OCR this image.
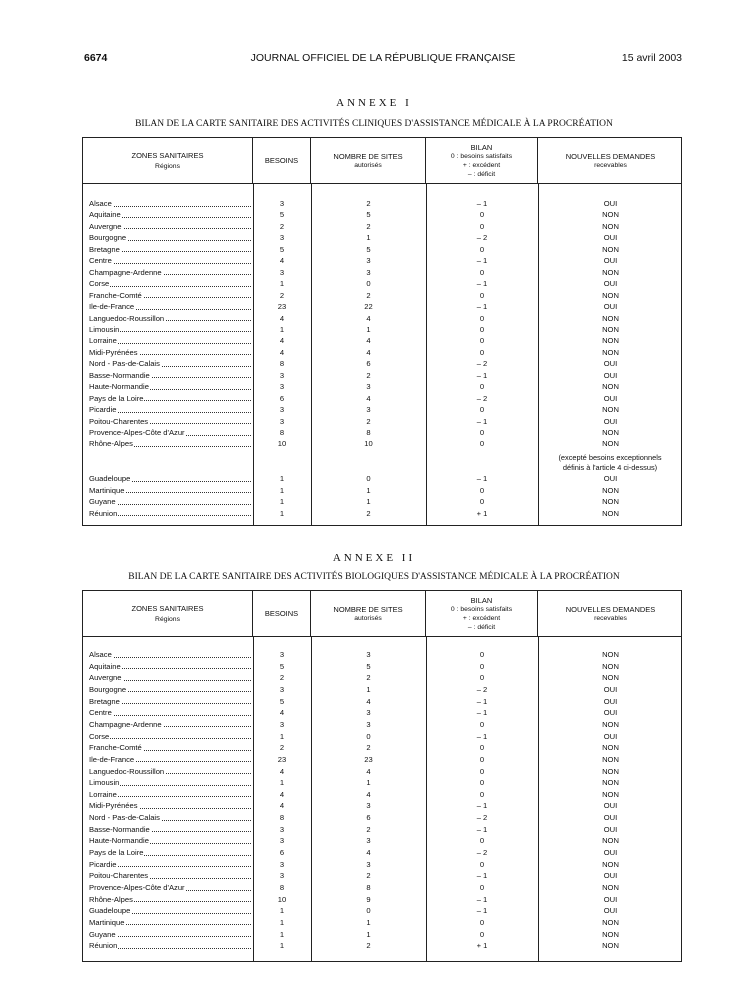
6674	JOURNAL OFFICIEL DE LA RÉPUBLIQUE FRANÇAISE	15 avril 2003
ANNEXE I
BILAN DE LA CARTE SANITAIRE DES ACTIVITÉS CLINIQUES D'ASSISTANCE MÉDICALE À LA PROCRÉATION
ZONES SANITAIRES
Régions
BESOINS	NOMBRE DE SITES
autorisés
BILAN
0 : besoins satisfaits
+ : excédent
– : déficit
NOUVELLES DEMANDES
recevables
Alsace	3	2	– 1	OUI
Aquitaine	5	5	0	NON
Auvergne	2	2	0	NON
Bourgogne	3	1	– 2	OUI
Bretagne	5	5	0	NON
Centre	4	3	– 1	OUI
Champagne-Ardenne	3	3	0	NON
Corse	1	0	– 1	OUI
Franche-Comté	2	2	0	NON
Ile-de-France	23	22	– 1	OUI
Languedoc-Roussillon	4	4	0	NON
Limousin	1	1	0	NON
Lorraine	4	4	0	NON
Midi-Pyrénées	4	4	0	NON
Nord - Pas-de-Calais	8	6	– 2	OUI
Basse-Normandie	3	2	– 1	OUI
Haute-Normandie	3	3	0	NON
Pays de la Loire	6	4	– 2	OUI
Picardie	3	3	0	NON
Poitou-Charentes	3	2	– 1	OUI
Provence-Alpes-Côte d'Azur	8	8	0	NON
Rhône-Alpes	10	10	0	NON
Guadeloupe	1	0	– 1	OUI
Martinique	1	1	0	NON
Guyane	1	1	0	NON
Réunion	1	2	+ 1	NON
(excepté besoins exceptionnels
définis à l'article 4 ci-dessus)
ANNEXE II
BILAN DE LA CARTE SANITAIRE DES ACTIVITÉS BIOLOGIQUES D'ASSISTANCE MÉDICALE À LA PROCRÉATION
ZONES SANITAIRES
Régions
BESOINS	NOMBRE DE SITES
autorisés
BILAN
0 : besoins satisfaits
+ : excédent
– : déficit
NOUVELLES DEMANDES
recevables
Alsace	3	3	0	NON
Aquitaine	5	5	0	NON
Auvergne	2	2	0	NON
Bourgogne	3	1	– 2	OUI
Bretagne	5	4	– 1	OUI
Centre	4	3	– 1	OUI
Champagne-Ardenne	3	3	0	NON
Corse	1	0	– 1	OUI
Franche-Comté	2	2	0	NON
Ile-de-France	23	23	0	NON
Languedoc-Roussillon	4	4	0	NON
Limousin	1	1	0	NON
Lorraine	4	4	0	NON
Midi-Pyrénées	4	3	– 1	OUI
Nord - Pas-de-Calais	8	6	– 2	OUI
Basse-Normandie	3	2	– 1	OUI
Haute-Normandie	3	3	0	NON
Pays de la Loire	6	4	– 2	OUI
Picardie	3	3	0	NON
Poitou-Charentes	3	2	– 1	OUI
Provence-Alpes-Côte d'Azur	8	8	0	NON
Rhône-Alpes	10	9	– 1	OUI
Guadeloupe	1	0	– 1	OUI
Martinique	1	1	0	NON
Guyane	1	1	0	NON
Réunion	1	2	+ 1	NON
